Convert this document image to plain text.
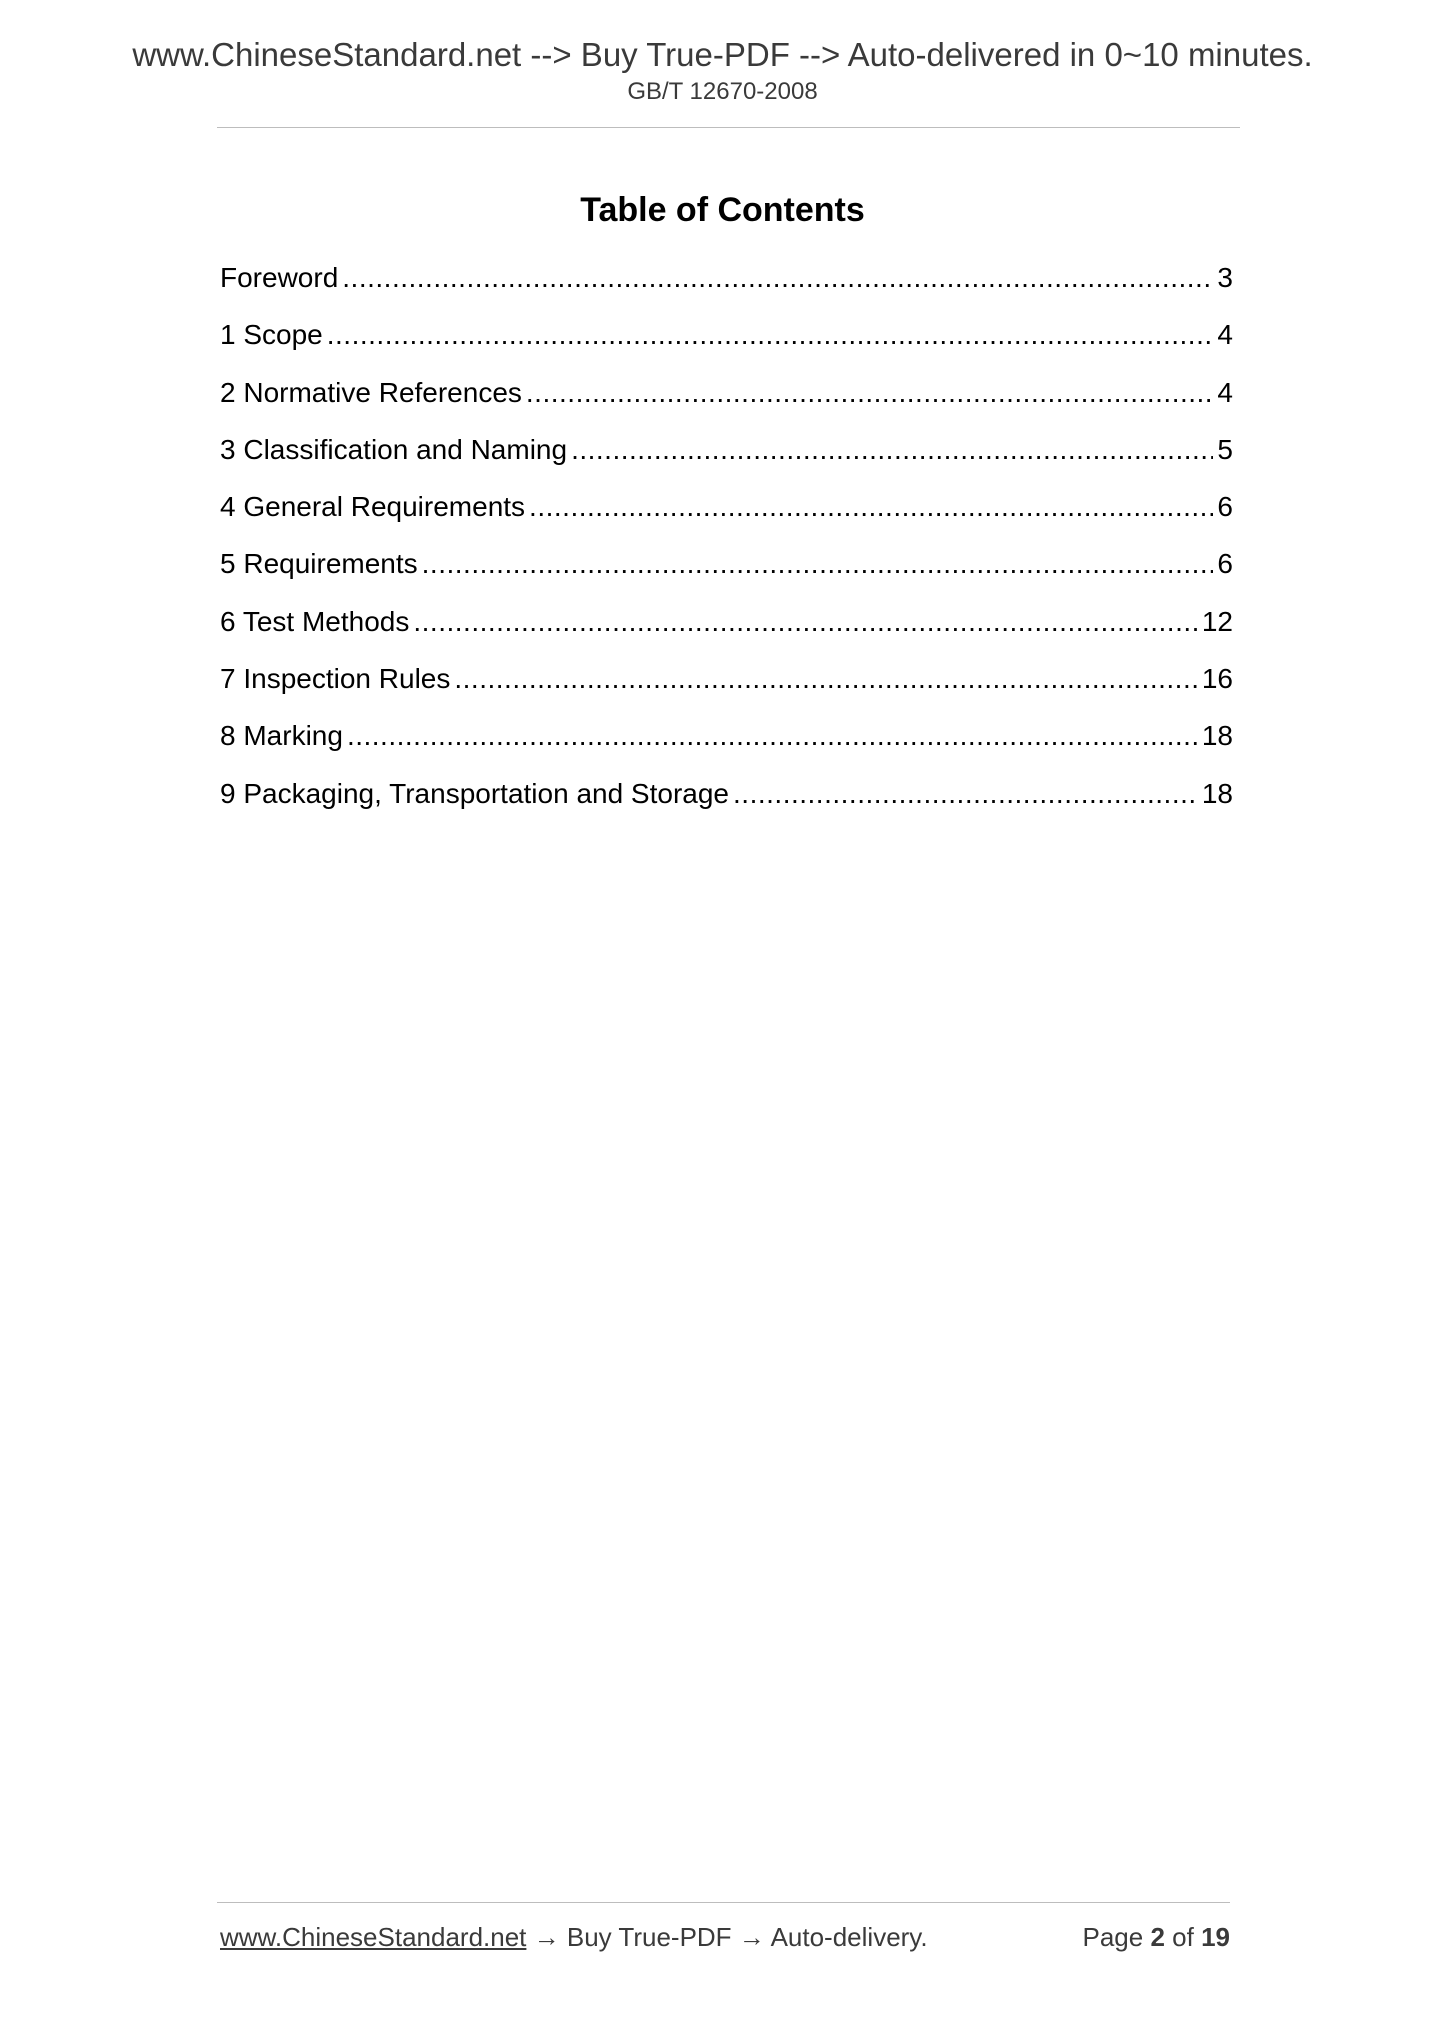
www.ChineseStandard.net --> Buy True-PDF --> Auto-delivered in 0~10 minutes.
GB/T 12670-2008
Table of Contents
Foreword .....	3
1 Scope .....	4
2 Normative References .....	4
3 Classification and Naming .....	5
4 General Requirements .....	6
5 Requirements .....	6
6 Test Methods .....	12
7 Inspection Rules .....	16
8 Marking .....	18
9 Packaging, Transportation and Storage .....	18
www.ChineseStandard.net → Buy True-PDF → Auto-delivery.	Page 2 of 19
